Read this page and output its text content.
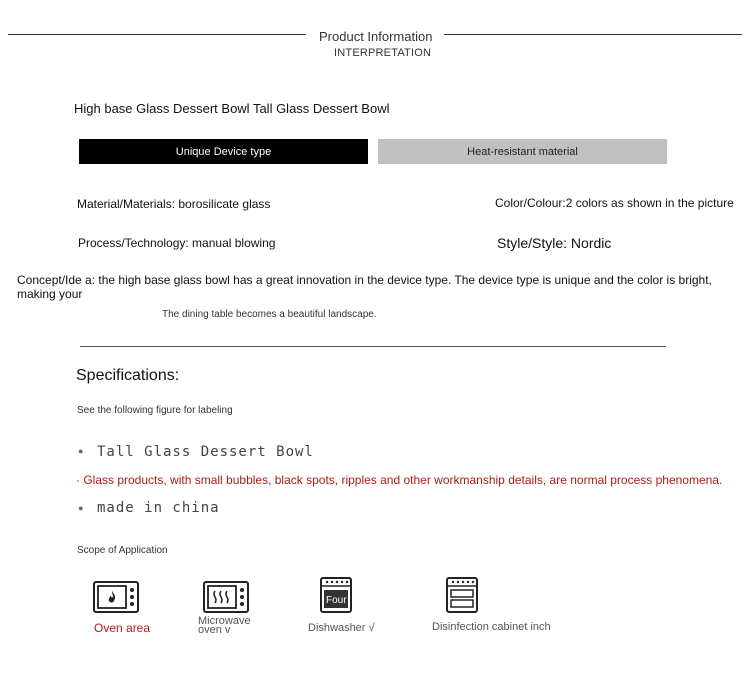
Product Information
INTERPRETATION
High base Glass Dessert Bowl Tall Glass Dessert Bowl
Unique Device type	Heat-resistant material
Material/Materials: borosilicate glass	Color/Colour:2 colors as shown in the picture
Process/Technology: manual blowing	Style/Style: Nordic
Concept/Ide a: the high base glass bowl has a great innovation in the device type. The device type is unique and the color is bright, making your
The dining table becomes a beautiful landscape.
Specifications:
See the following figure for labeling
● Tall Glass Dessert Bowl
· Glass products, with small bubbles, black spots, ripples and other workmanship details, are normal process phenomena.
● made in china
Scope of Application
Oven area	Microwave oven v
Four
Dishwasher √	Disinfection cabinet inch
